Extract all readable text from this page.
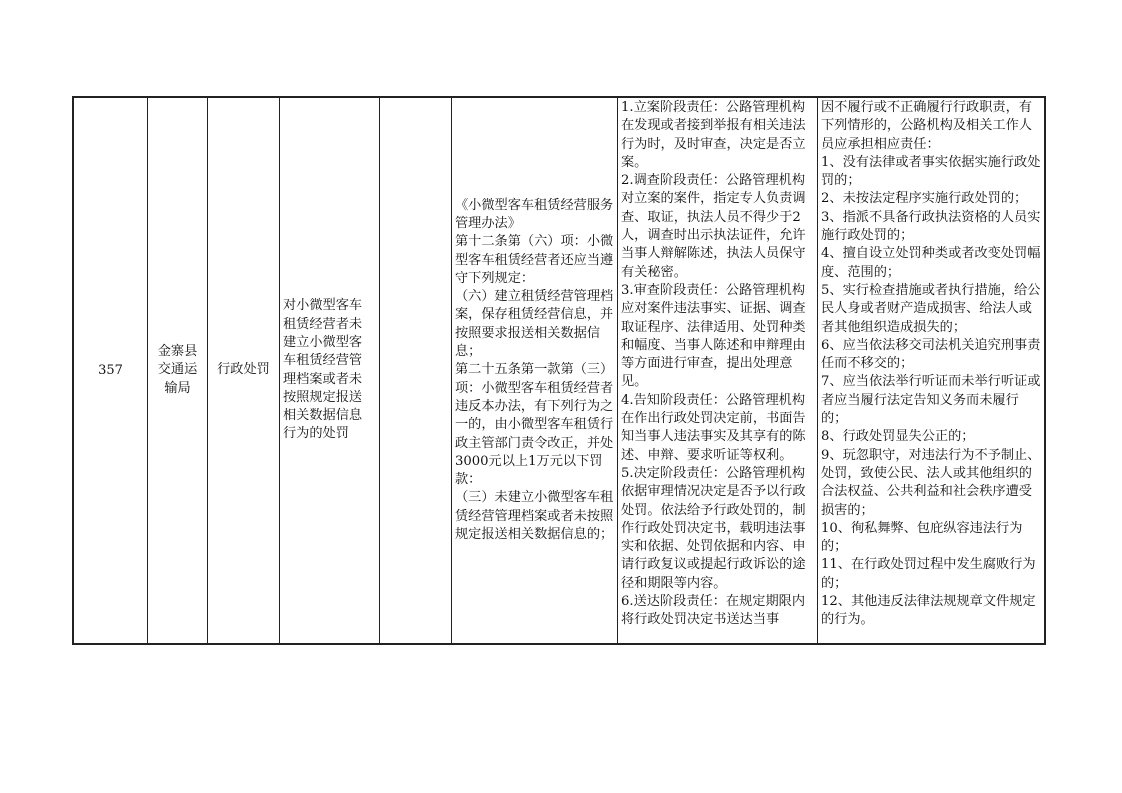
357
金寨县交通运输局
行政处罚
对小微型客车租赁经营者未建立小微型客车租赁经营管理档案或者未按照规定报送相关数据信息行为的处罚

《小微型客车租赁经营服务管理办法》

第十二条第（六）项：小微型客车租赁经营者还应当遵守下列规定：

（六）建立租赁经营管理档案，保存租赁经营信息，并按照要求报送相关数据信息；

第二十五条第一款第（三）项：小微型客车租赁经营者违反本办法，有下列行为之一的，由小微型客车租赁行政主管部门责令改正，并处3000元以上1万元以下罚款：

（三）未建立小微型客车租赁经营管理档案或者未按照规定报送相关数据信息的；

1.立案阶段责任：公路管理机构在发现或者接到举报有相关违法行为时，及时审查，决定是否立案。

2.调查阶段责任：公路管理机构对立案的案件，指定专人负责调查、取证，执法人员不得少于2人，调查时出示执法证件，允许当事人辩解陈述，执法人员保守有关秘密。

3.审查阶段责任：公路管理机构应对案件违法事实、证据、调查取证程序、法律适用、处罚种类和幅度、当事人陈述和申辩理由等方面进行审查，提出处理意见。

4.告知阶段责任：公路管理机构在作出行政处罚决定前，书面告知当事人违法事实及其享有的陈述、申辩、要求听证等权利。

5.决定阶段责任：公路管理机构依据审理情况决定是否予以行政处罚。依法给予行政处罚的，制作行政处罚决定书，载明违法事实和依据、处罚依据和内容、申请行政复议或提起行政诉讼的途径和期限等内容。

6.送达阶段责任：在规定期限内将行政处罚决定书送达当事

因不履行或不正确履行行政职责，有下列情形的，公路机构及相关工作人员应承担相应责任：

1、没有法律或者事实依据实施行政处罚的；

2、未按法定程序实施行政处罚的；

3、指派不具备行政执法资格的人员实施行政处罚的；

4、擅自设立处罚种类或者改变处罚幅度、范围的；

5、实行检查措施或者执行措施，给公民人身或者财产造成损害、给法人或者其他组织造成损失的；

6、应当依法移交司法机关追究刑事责任而不移交的；

7、应当依法举行听证而未举行听证或者应当履行法定告知义务而未履行的；

8、行政处罚显失公正的；

9、玩忽职守，对违法行为不予制止、处罚，致使公民、法人或其他组织的合法权益、公共利益和社会秩序遭受损害的；

10、徇私舞弊、包庇纵容违法行为的；

11、在行政处罚过程中发生腐败行为的；

12、其他违反法律法规规章文件规定的行为。
